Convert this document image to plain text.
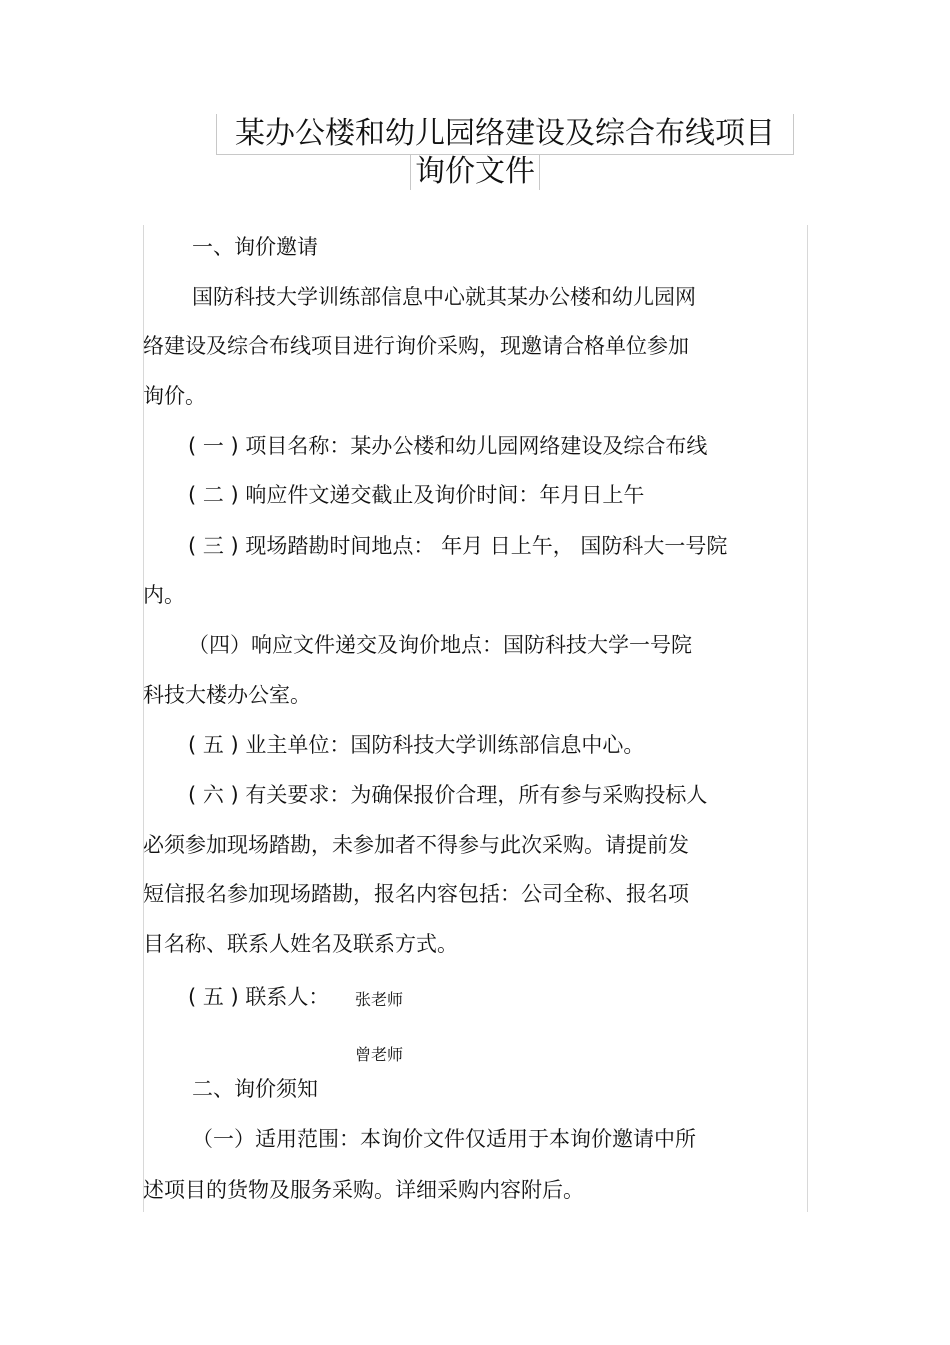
某办公楼和幼儿园络建设及综合布线项目
询价文件
一、询价邀请
国防科技大学训练部信息中心就其某办公楼和幼儿园网
络建设及综合布线项目进行询价采购，现邀请合格单位参加
询价。
( 一 ) 项目名称：某办公楼和幼儿园网络建设及综合布线
( 二 ) 响应件文递交截止及询价时间：年月日上午
( 三 ) 现场踏勘时间地点： 年月 日上午， 国防科大一号院
内。
（四）响应文件递交及询价地点：国防科技大学一号院
科技大楼办公室。
( 五 ) 业主单位：国防科技大学训练部信息中心。
( 六 ) 有关要求：为确保报价合理，所有参与采购投标人
必须参加现场踏勘，未参加者不得参与此次采购。请提前发
短信报名参加现场踏勘，报名内容包括：公司全称、报名项
目名称、联系人姓名及联系方式。
( 五 ) 联系人： 张老师
曾老师
二、询价须知
（一）适用范围：本询价文件仅适用于本询价邀请中所
述项目的货物及服务采购。详细采购内容附后。
